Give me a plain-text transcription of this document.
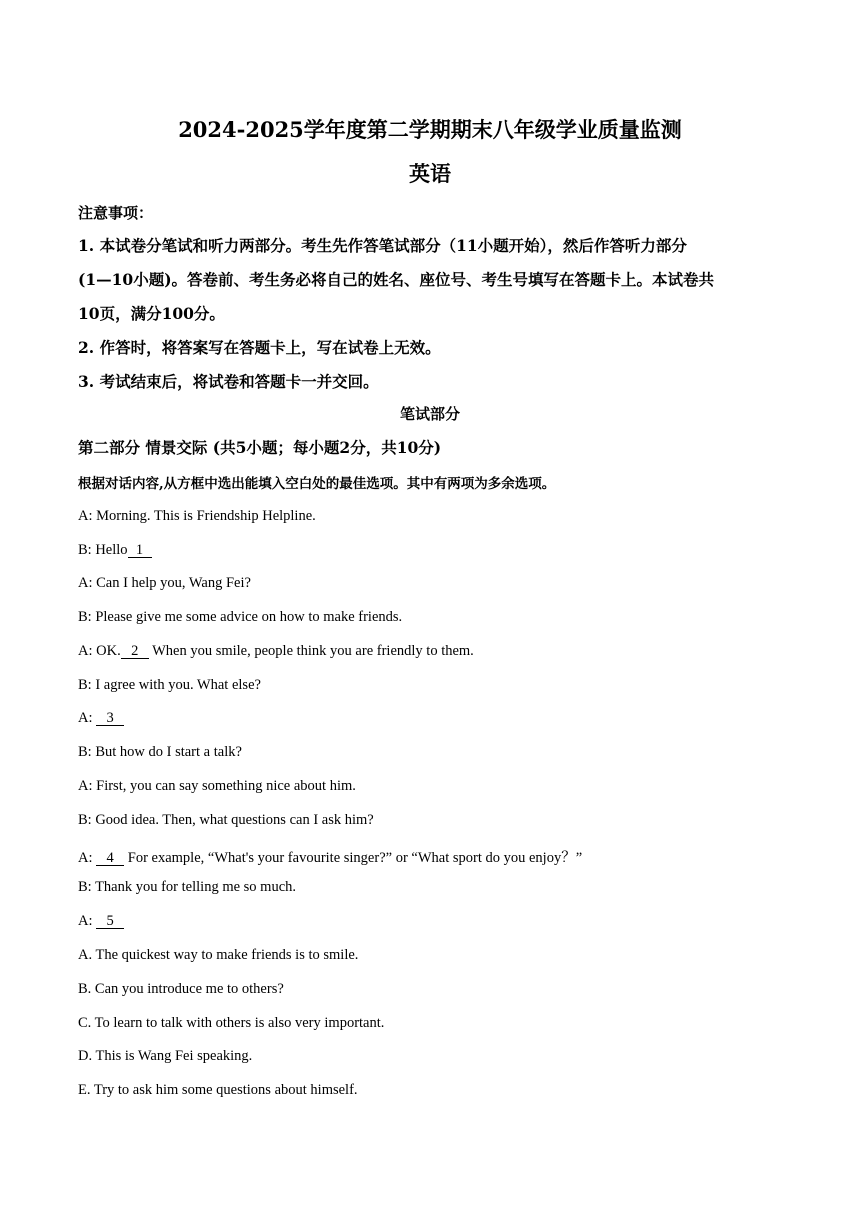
2024-2025学年度第二学期期末八年级学业质量监测
英语
注意事项：
1. 本试卷分笔试和听力两部分。考生先作答笔试部分（11小题开始），然后作答听力部分
(1—10小题)。答卷前、考生务必将自己的姓名、座位号、考生号填写在答题卡上。本试卷共
10页，满分100分。
2. 作答时，将答案写在答题卡上，写在试卷上无效。
3. 考试结束后，将试卷和答题卡一并交回。
笔试部分
第二部分 情景交际 (共5小题；每小题2分，共10分)
根据对话内容,从方框中选出能填入空白处的最佳选项。其中有两项为多余选项。
A: Morning. This is Friendship Helpline.
B: Hello 1
A: Can I help you, Wang Fei?
B: Please give me some advice on how to make friends.
A: OK. 2 When you smile, people think you are friendly to them.
B: I agree with you. What else?
A: 3
B: But how do I start a talk?
A: First, you can say something nice about him.
B: Good idea. Then, what questions can I ask him?
A: 4 For example, “What's your favourite singer?” or “What sport do you enjoy？”
B: Thank you for telling me so much.
A: 5
A. The quickest way to make friends is to smile.
B. Can you introduce me to others?
C. To learn to talk with others is also very important.
D. This is Wang Fei speaking.
E. Try to ask him some questions about himself.
